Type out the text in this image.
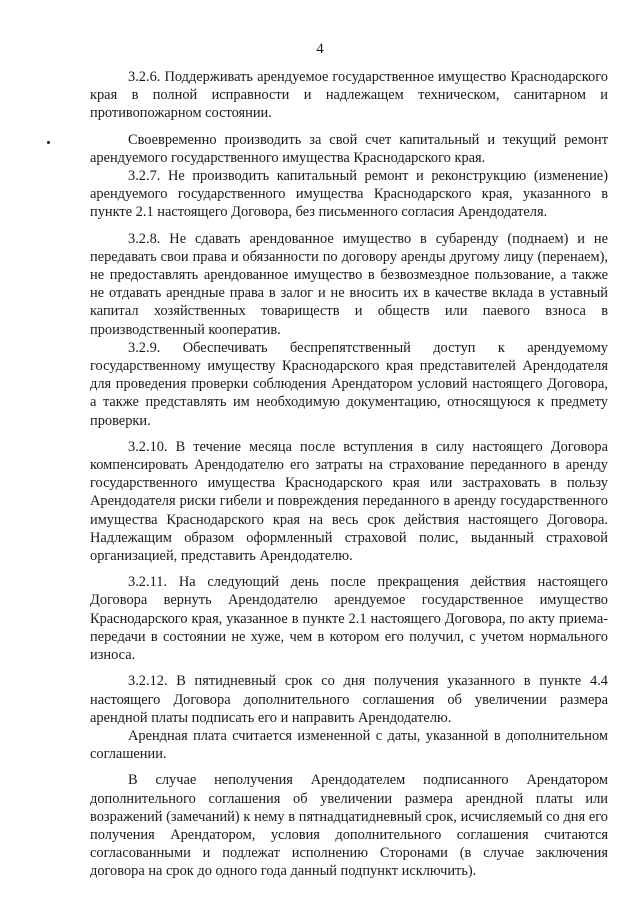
4

3.2.6. Поддерживать арендуемое государственное имущество Краснодарского края в полной исправности и надлежащем техническом, санитарном и противопожарном состоянии.

Своевременно производить за свой счет капитальный и текущий ремонт арендуемого государственного имущества Краснодарского края.

3.2.7. Не производить капитальный ремонт и реконструкцию (изменение) арендуемого государственного имущества Краснодарского края, указанного в пункте 2.1 настоящего Договора, без письменного согласия Арендодателя.

3.2.8. Не сдавать арендованное имущество в субаренду (поднаем) и не передавать свои права и обязанности по договору аренды другому лицу (перенаем), не предоставлять арендованное имущество в безвозмездное пользование, а также не отдавать арендные права в залог и не вносить их в качестве вклада в уставный капитал хозяйственных товариществ и обществ или паевого взноса в производственный кооператив.

3.2.9. Обеспечивать беспрепятственный доступ к арендуемому государственному имуществу Краснодарского края представителей Арендодателя для проведения проверки соблюдения Арендатором условий настоящего Договора, а также представлять им необходимую документацию, относящуюся к предмету проверки.

3.2.10. В течение месяца после вступления в силу настоящего Договора компенсировать Арендодателю его затраты на страхование переданного в аренду государственного имущества Краснодарского края или застраховать в пользу Арендодателя риски гибели и повреждения переданного в аренду государственного имущества Краснодарского края на весь срок действия настоящего Договора. Надлежащим образом оформленный страховой полис, выданный страховой организацией, представить Арендодателю.

3.2.11. На следующий день после прекращения действия настоящего Договора вернуть Арендодателю арендуемое государственное имущество Краснодарского края, указанное в пункте 2.1 настоящего Договора, по акту приема-передачи в состоянии не хуже, чем в котором его получил, с учетом нормального износа.

3.2.12. В пятидневный срок со дня получения указанного в пункте 4.4 настоящего Договора дополнительного соглашения об увеличении размера арендной платы подписать его и направить Арендодателю.

Арендная плата считается измененной с даты, указанной в дополнительном соглашении.

В случае неполучения Арендодателем подписанного Арендатором дополнительного соглашения об увеличении размера арендной платы или возражений (замечаний) к нему в пятнадцатидневный срок, исчисляемый со дня его получения Арендатором, условия дополнительного соглашения считаются согласованными и подлежат исполнению Сторонами (в случае заключения договора на срок до одного года данный подпункт исключить).
